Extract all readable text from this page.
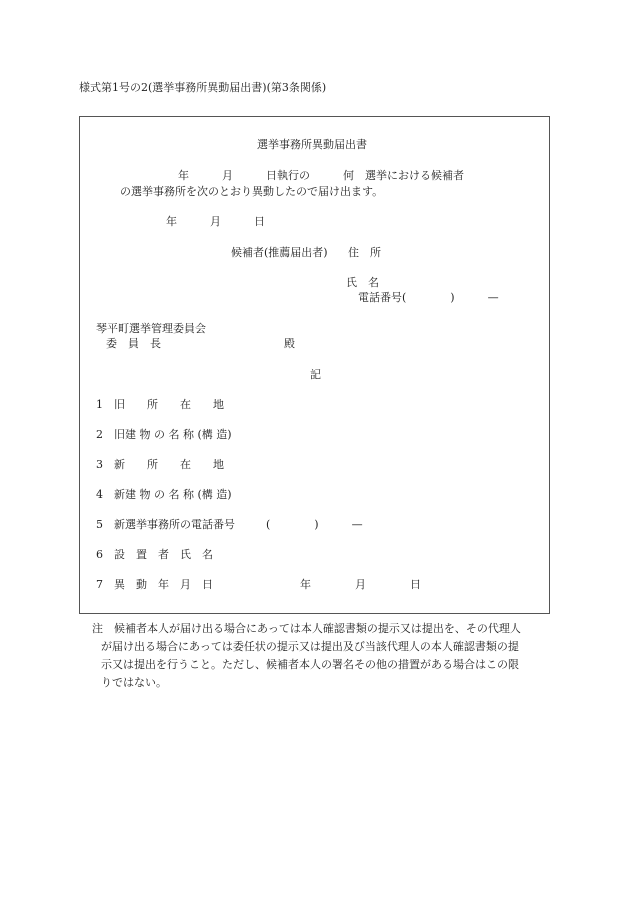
様式第1号の2(選挙事務所異動届出書)(第3条関係)
選挙事務所異動届出書
年　　　月　　　日執行の　　　何　選挙における候補者
の選挙事務所を次のとおり異動したので届け出ます。
年　　　月　　　日
候補者(推薦届出者) 住　所
氏　名
電話番号(　　　　)　　　—
琴平町選挙管理委員会
委　員　長	殿
記
1 旧　　所　　在　　地
2 旧建 物 の 名 称 (構 造)
3 新　　所　　在　　地
4 新建 物 の 名 称 (構 造)
5 新選挙事務所の電話番号	(　　　　)　　　—
6 設　置　者　氏　名
7 異　動　年　月　日	年　　　　月　　　　日
注 候補者本人が届け出る場合にあっては本人確認書類の提示又は提出を、その代理人
が届け出る場合にあっては委任状の提示又は提出及び当該代理人の本人確認書類の提
示又は提出を行うこと。ただし、候補者本人の署名その他の措置がある場合はこの限
りではない。
